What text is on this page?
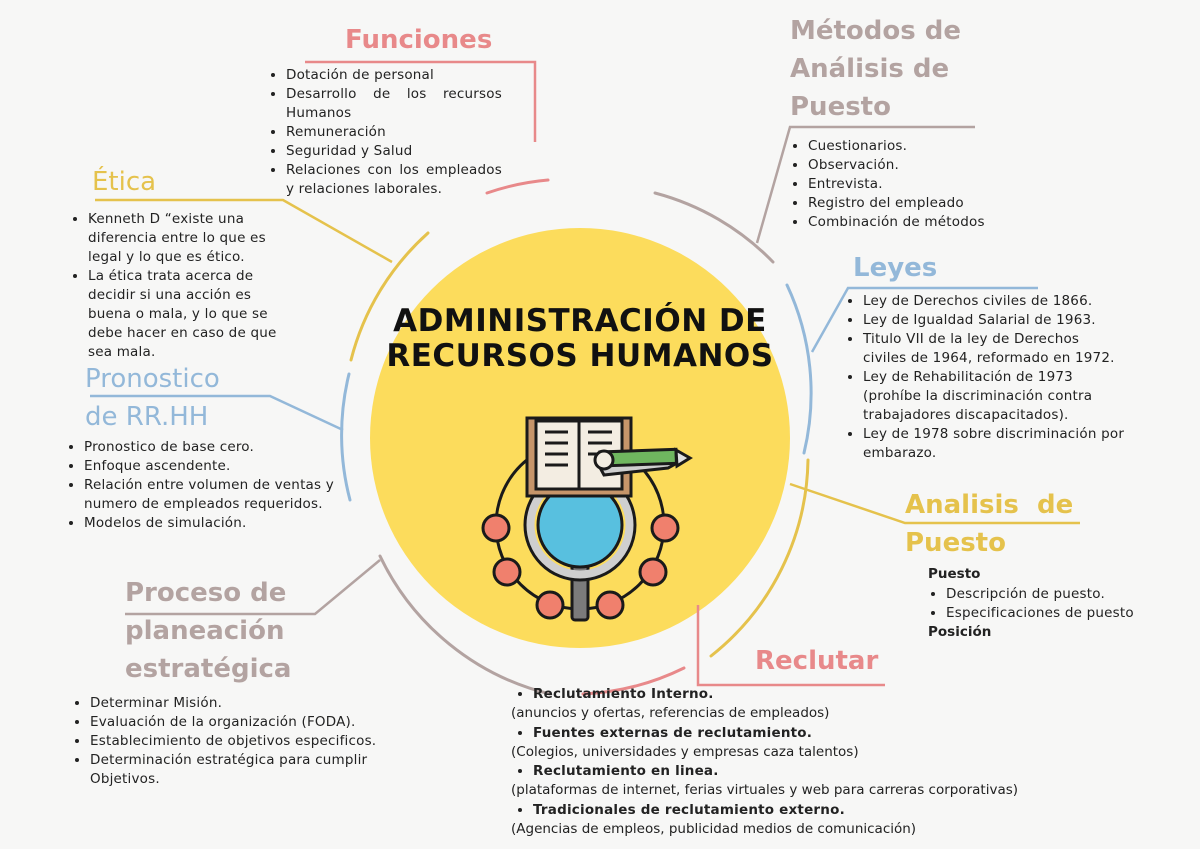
ADMINISTRACIÓN DE RECURSOS HUMANOS
Funciones
• Dotación de personal
• Desarrollo de los recursos Humanos
• Remuneración
• Seguridad y Salud
• Relaciones con los empleados y relaciones laborales.
Métodos de
Análisis de
Puesto
• Cuestionarios.
• Observación.
• Entrevista.
• Registro del empleado
• Combinación de métodos
Ética
• Kenneth D “existe una diferencia entre lo que es legal y lo que es ético.
• La ética trata acerca de decidir si una acción es buena o mala, y lo que se debe hacer en caso de que sea mala.
Leyes
• Ley de Derechos civiles de 1866.
• Ley de Igualdad Salarial de 1963.
• Titulo VII de la ley de Derechos civiles de 1964, reformado en 1972.
• Ley de Rehabilitación de 1973 (prohíbe la discriminación contra trabajadores discapacitados).
• Ley de 1978 sobre discriminación por embarazo.
Pronostico
de RR.HH
• Pronostico de base cero.
• Enfoque ascendente.
• Relación entre volumen de ventas y numero de empleados requeridos.
• Modelos de simulación.
Analisis  de
Puesto
Puesto
• Descripción de puesto.
• Especificaciones de puesto
Posición
Proceso de
planeación
estratégica
• Determinar Misión.
• Evaluación de la organización (FODA).
• Establecimiento de objetivos especificos.
• Determinación estratégica para cumplir Objetivos.
Reclutar
• Reclutamiento Interno.
(anuncios y ofertas, referencias de empleados)
• Fuentes externas de reclutamiento.
(Colegios, universidades y empresas caza talentos)
• Reclutamiento en linea.
(plataformas de internet, ferias virtuales y web para carreras corporativas)
• Tradicionales de reclutamiento externo.
(Agencias de empleos, publicidad medios de comunicación)
